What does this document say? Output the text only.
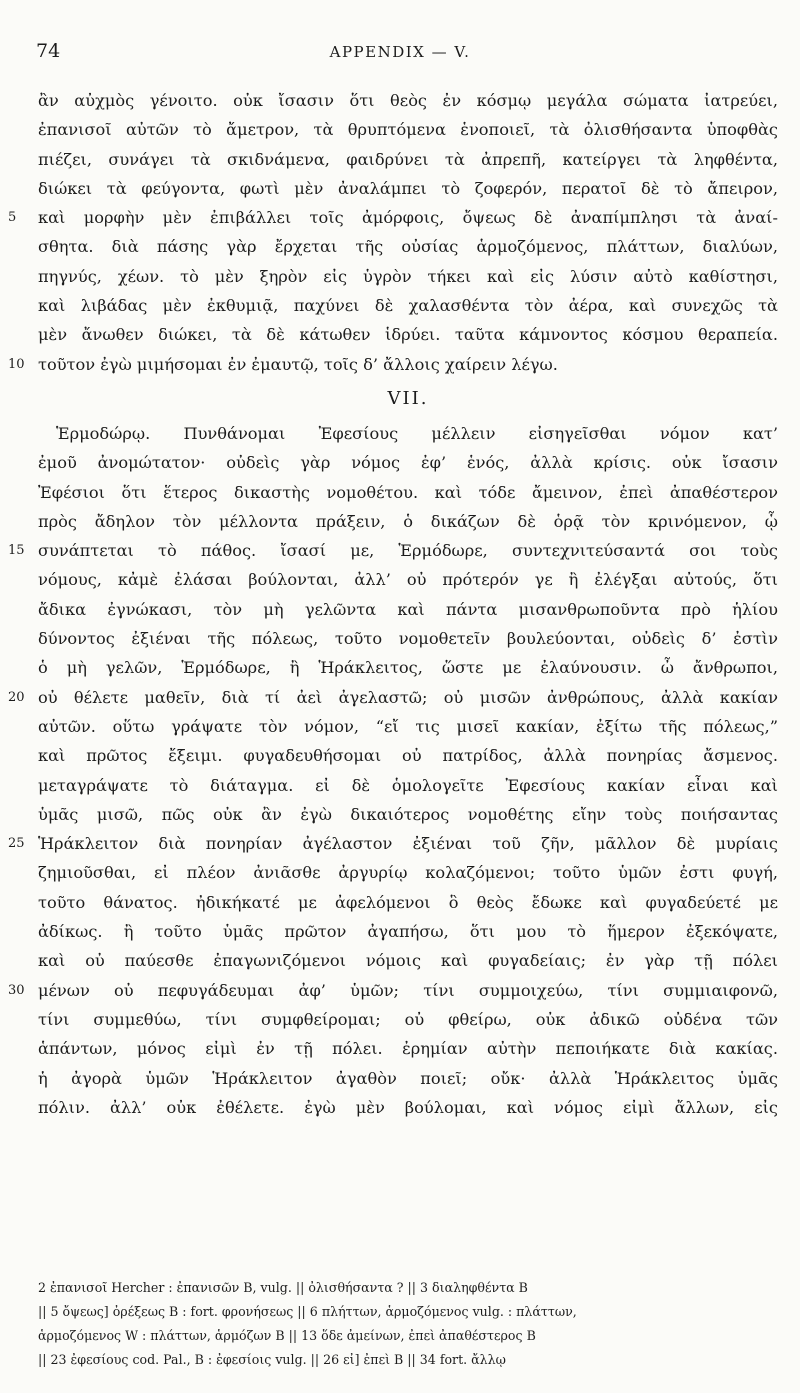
74	APPENDIX — V.
ἂν αὐχμὸς γένοιτο. οὐκ ἴσασιν ὅτι θεὸς ἐν κόσμῳ μεγάλα σώματα ἰατρεύει,
ἐπανισοῖ αὐτῶν τὸ ἄμετρον, τὰ θρυπτόμενα ἑνοποιεῖ, τὰ ὀλισθήσαντα ὑποφθὰς
πιέζει, συνάγει τὰ σκιδνάμενα, φαιδρύνει τὰ ἀπρεπῆ, κατείργει τὰ ληφθέντα,
διώκει τὰ φεύγοντα, φωτὶ μὲν ἀναλάμπει τὸ ζοφερόν, περατοῖ δὲ τὸ ἄπειρον,
5	καὶ μορφὴν μὲν ἐπιβάλλει τοῖς ἀμόρφοις, ὄψεως δὲ ἀναπίμπλησι τὰ ἀναί-
σθητα. διὰ πάσης γὰρ ἔρχεται τῆς οὐσίας ἁρμοζόμενος, πλάττων, διαλύων,
πηγνύς, χέων. τὸ μὲν ξηρὸν εἰς ὑγρὸν τήκει καὶ εἰς λύσιν αὐτὸ καθίστησι,
καὶ λιβάδας μὲν ἐκθυμιᾷ, παχύνει δὲ χαλασθέντα τὸν ἀέρα, καὶ συνεχῶς τὰ
μὲν ἄνωθεν διώκει, τὰ δὲ κάτωθεν ἱδρύει. ταῦτα κάμνοντος κόσμου θεραπεία.
10 τοῦτον ἐγὼ μιμήσομαι ἐν ἐμαυτῷ, τοῖς δ’ ἄλλοις χαίρειν λέγω.
VII.
Ἑρμοδώρῳ. Πυνθάνομαι Ἐφεσίους μέλλειν εἰσηγεῖσθαι νόμον κατ’
ἐμοῦ ἀνομώτατον· οὐδεὶς γὰρ νόμος ἐφ’ ἑνός, ἀλλὰ κρίσις. οὐκ ἴσασιν
Ἐφέσιοι ὅτι ἕτερος δικαστὴς νομοθέτου. καὶ τόδε ἄμεινον, ἐπεὶ ἀπαθέστερον
πρὸς ἄδηλον τὸν μέλλοντα πράξειν, ὁ δικάζων δὲ ὁρᾷ τὸν κρινόμενον, ᾧ
15 συνάπτεται τὸ πάθος. ἴσασί με, Ἑρμόδωρε, συντεχνιτεύσαντά σοι τοὺς
νόμους, κἀμὲ ἐλάσαι βούλονται, ἀλλ’ οὐ πρότερόν γε ἢ ἐλέγξαι αὐτούς, ὅτι
ἄδικα ἐγνώκασι, τὸν μὴ γελῶντα καὶ πάντα μισανθρωποῦντα πρὸ ἡλίου
δύνοντος ἐξιέναι τῆς πόλεως, τοῦτο νομοθετεῖν βουλεύονται, οὐδεὶς δ’ ἐστὶν
ὁ μὴ γελῶν, Ἑρμόδωρε, ἢ Ἡράκλειτος, ὥστε με ἐλαύνουσιν. ὦ ἄνθρωποι,
20 οὐ θέλετε μαθεῖν, διὰ τί ἀεὶ ἀγελαστῶ; οὐ μισῶν ἀνθρώπους, ἀλλὰ κακίαν
αὐτῶν. οὕτω γράψατε τὸν νόμον, “εἴ τις μισεῖ κακίαν, ἐξίτω τῆς πόλεως,”
καὶ πρῶτος ἔξειμι. φυγαδευθήσομαι οὐ πατρίδος, ἀλλὰ πονηρίας ἄσμενος.
μεταγράψατε τὸ διάταγμα. εἰ δὲ ὁμολογεῖτε Ἐφεσίους κακίαν εἶναι καὶ
ὑμᾶς μισῶ, πῶς οὐκ ἂν ἐγὼ δικαιότερος νομοθέτης εἴην τοὺς ποιήσαντας
25 Ἡράκλειτον διὰ πονηρίαν ἀγέλαστον ἐξιέναι τοῦ ζῆν, μᾶλλον δὲ μυρίαις
ζημιοῦσθαι, εἰ πλέον ἀνιᾶσθε ἀργυρίῳ κολαζόμενοι; τοῦτο ὑμῶν ἐστι φυγή,
τοῦτο θάνατος. ἠδικήκατέ με ἀφελόμενοι ὃ θεὸς ἔδωκε καὶ φυγαδεύετέ με
ἀδίκως. ἢ τοῦτο ὑμᾶς πρῶτον ἀγαπήσω, ὅτι μου τὸ ἥμερον ἐξεκόψατε,
καὶ οὐ παύεσθε ἐπαγωνιζόμενοι νόμοις καὶ φυγαδείαις; ἐν γὰρ τῇ πόλει
30 μένων οὐ πεφυγάδευμαι ἀφ’ ὑμῶν; τίνι συμμοιχεύω, τίνι συμμιαιφονῶ,
τίνι συμμεθύω, τίνι συμφθείρομαι; οὐ φθείρω, οὐκ ἀδικῶ οὐδένα τῶν
ἁπάντων, μόνος εἰμὶ ἐν τῇ πόλει. ἐρημίαν αὐτὴν πεποιήκατε διὰ κακίας.
ἡ ἀγορὰ ὑμῶν Ἡράκλειτον ἀγαθὸν ποιεῖ; οὔκ· ἀλλὰ Ἡράκλειτος ὑμᾶς
πόλιν. ἀλλ’ οὐκ ἐθέλετε. ἐγὼ μὲν βούλομαι, καὶ νόμος εἰμὶ ἄλλων, εἰς
2 ἐπανισοῖ Hercher : ἐπανισῶν B, vulg. || ὀλισθήσαντα ? || 3 διαληφθέντα B
|| 5 ὄψεως] ὀρέξεως B : fort. φρονήσεως || 6 πλήττων, ἁρμοζόμενος vulg. : πλάττων,
ἁρμοζόμενος W : πλάττων, ἁρμόζων B || 13 ὅδε ἀμείνων, ἐπεὶ ἀπαθέστερος B
|| 23 ἐφεσίους cod. Pal., B : ἐφεσίοις vulg. || 26 εἰ] ἐπεὶ B || 34 fort. ἄλλῳ
